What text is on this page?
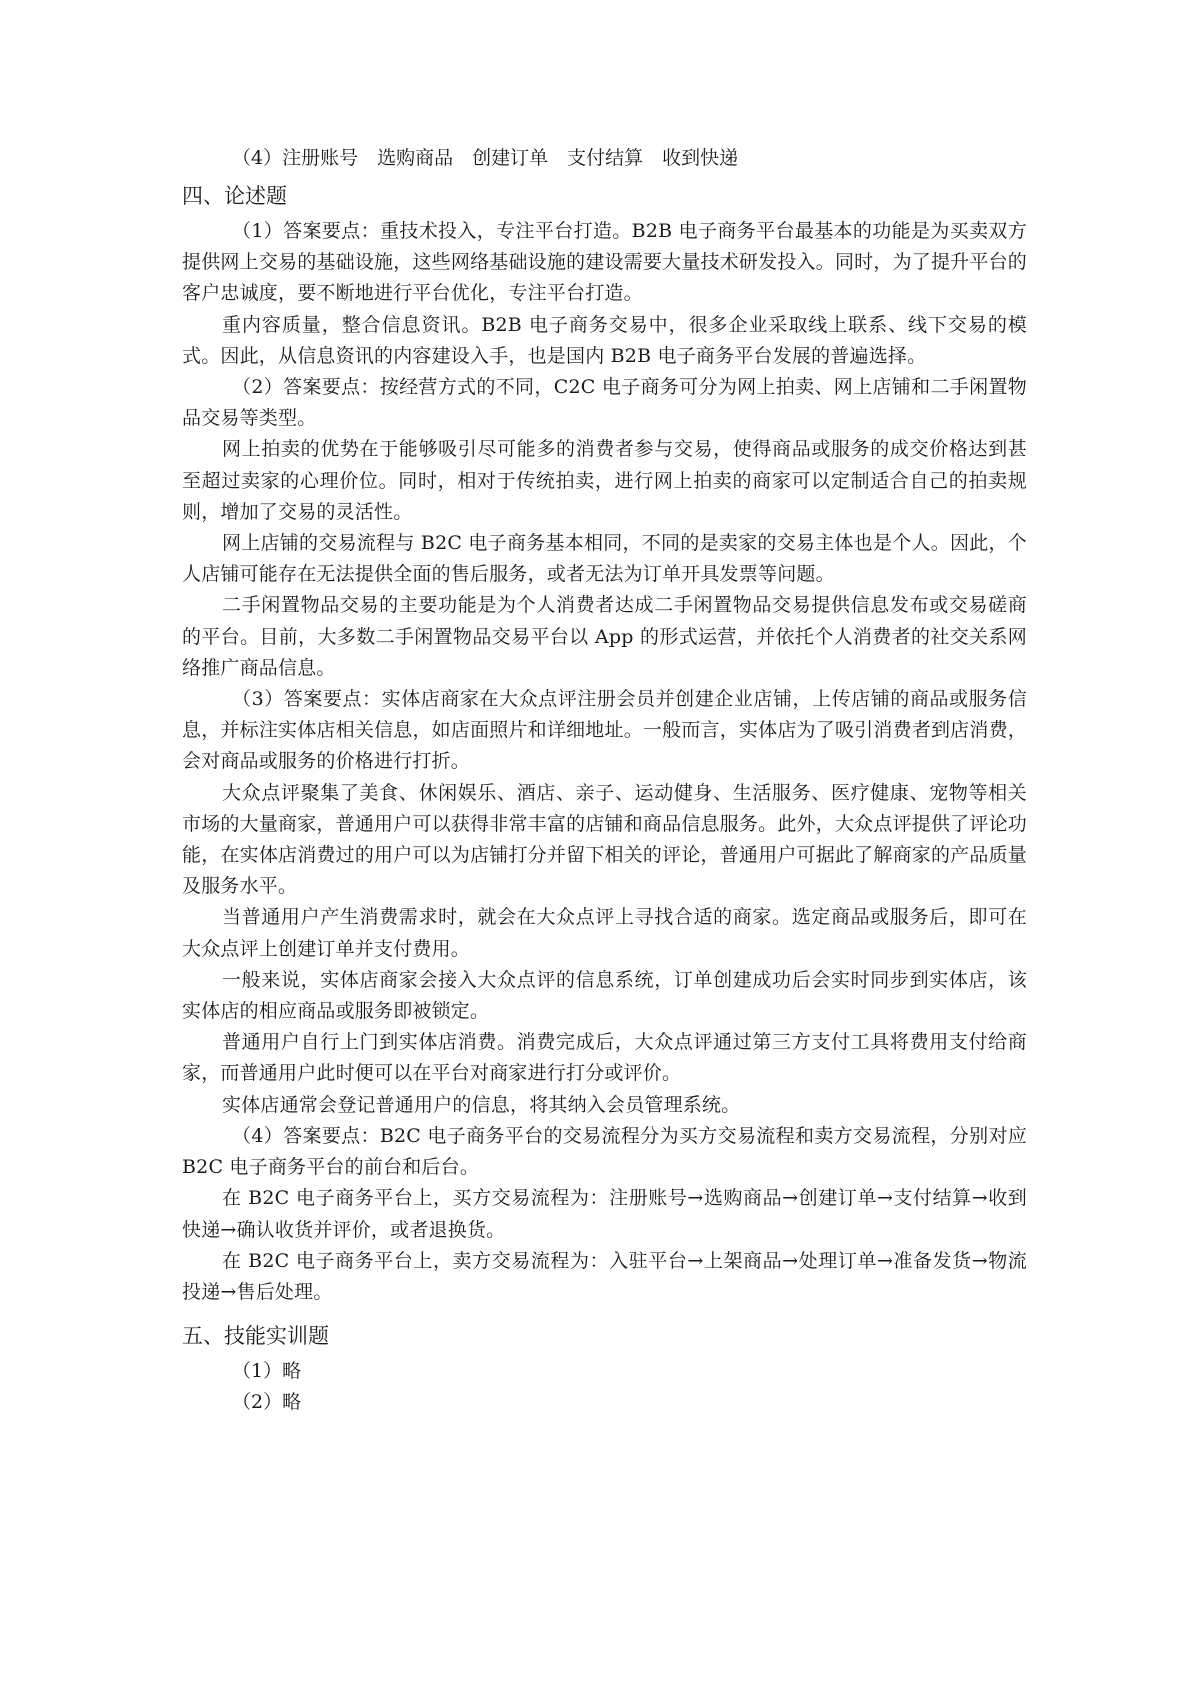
（4）注册账号　选购商品　创建订单　支付结算　收到快递
四、论述题

（1）答案要点：重技术投入，专注平台打造。B2B 电子商务平台最基本的功能是为买卖双方提供网上交易的基础设施，这些网络基础设施的建设需要大量技术研发投入。同时，为了提升平台的客户忠诚度，要不断地进行平台优化，专注平台打造。

重内容质量，整合信息资讯。B2B 电子商务交易中，很多企业采取线上联系、线下交易的模式。因此，从信息资讯的内容建设入手，也是国内 B2B 电子商务平台发展的普遍选择。

（2）答案要点：按经营方式的不同，C2C 电子商务可分为网上拍卖、网上店铺和二手闲置物品交易等类型。

网上拍卖的优势在于能够吸引尽可能多的消费者参与交易，使得商品或服务的成交价格达到甚至超过卖家的心理价位。同时，相对于传统拍卖，进行网上拍卖的商家可以定制适合自己的拍卖规则，增加了交易的灵活性。

网上店铺的交易流程与 B2C 电子商务基本相同，不同的是卖家的交易主体也是个人。因此，个人店铺可能存在无法提供全面的售后服务，或者无法为订单开具发票等问题。

二手闲置物品交易的主要功能是为个人消费者达成二手闲置物品交易提供信息发布或交易磋商的平台。目前，大多数二手闲置物品交易平台以 App 的形式运营，并依托个人消费者的社交关系网络推广商品信息。

（3）答案要点：实体店商家在大众点评注册会员并创建企业店铺，上传店铺的商品或服务信息，并标注实体店相关信息，如店面照片和详细地址。一般而言，实体店为了吸引消费者到店消费，会对商品或服务的价格进行打折。

大众点评聚集了美食、休闲娱乐、酒店、亲子、运动健身、生活服务、医疗健康、宠物等相关市场的大量商家，普通用户可以获得非常丰富的店铺和商品信息服务。此外，大众点评提供了评论功能，在实体店消费过的用户可以为店铺打分并留下相关的评论，普通用户可据此了解商家的产品质量及服务水平。

当普通用户产生消费需求时，就会在大众点评上寻找合适的商家。选定商品或服务后，即可在大众点评上创建订单并支付费用。

一般来说，实体店商家会接入大众点评的信息系统，订单创建成功后会实时同步到实体店，该实体店的相应商品或服务即被锁定。

普通用户自行上门到实体店消费。消费完成后，大众点评通过第三方支付工具将费用支付给商家，而普通用户此时便可以在平台对商家进行打分或评价。

实体店通常会登记普通用户的信息，将其纳入会员管理系统。

（4）答案要点：B2C 电子商务平台的交易流程分为买方交易流程和卖方交易流程，分别对应 B2C 电子商务平台的前台和后台。

在 B2C 电子商务平台上，买方交易流程为：注册账号→选购商品→创建订单→支付结算→收到快递→确认收货并评价，或者退换货。

在 B2C 电子商务平台上，卖方交易流程为：入驻平台→上架商品→处理订单→准备发货→物流投递→售后处理。

五、技能实训题

（1）略

（2）略
